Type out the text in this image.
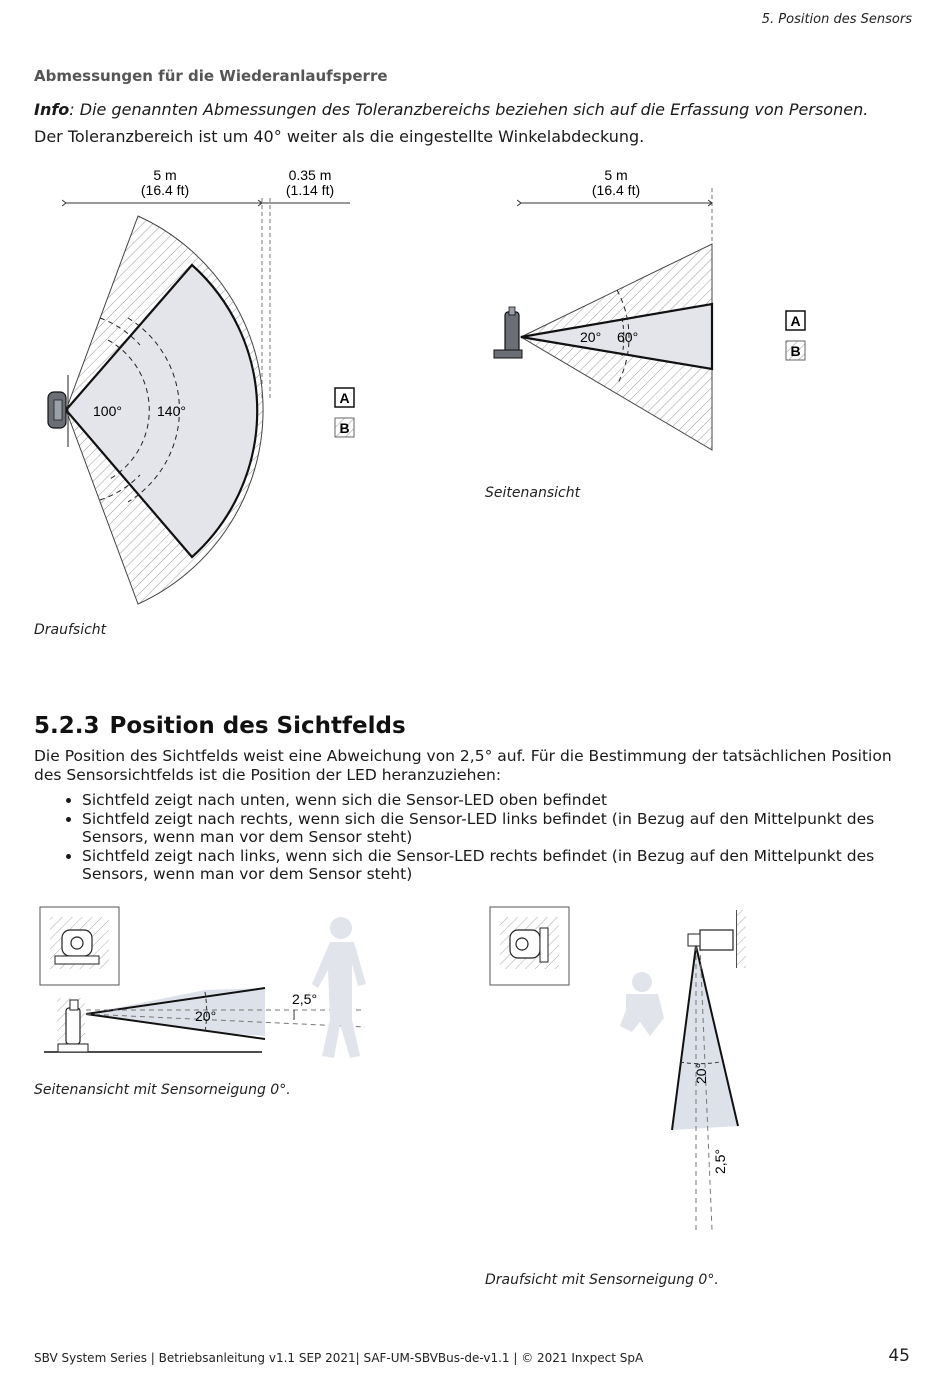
5. Position des Sensors
Abmessungen für die Wiederanlaufsperre
Info: Die genannten Abmessungen des Toleranzbereichs beziehen sich auf die Erfassung von Personen.
Der Toleranzbereich ist um 40° weiter als die eingestellte Winkelabdeckung.
5 m
(16.4 ft)
0.35 m
(1.14 ft)
100°	140°
A
B
5 m
(16.4 ft)
20° 60°
A
B
Seitenansicht
Draufsicht
5.2.3 Position des Sichtfelds
Die Position des Sichtfelds weist eine Abweichung von 2,5° auf. Für die Bestimmung der tatsächlichen Position des Sensorsichtfelds ist die Position der LED heranzuziehen:
• Sichtfeld zeigt nach unten, wenn sich die Sensor-LED oben befindet
• Sichtfeld zeigt nach rechts, wenn sich die Sensor-LED links befindet (in Bezug auf den Mittelpunkt des Sensors, wenn man vor dem Sensor steht)
• Sichtfeld zeigt nach links, wenn sich die Sensor-LED rechts befindet (in Bezug auf den Mittelpunkt des Sensors, wenn man vor dem Sensor steht)
20°
2,5°
20°
2,5°
Seitenansicht mit Sensorneigung 0°.
Draufsicht mit Sensorneigung 0°.
SBV System Series | Betriebsanleitung v1.1 SEP 2021| SAF-UM-SBVBus-de-v1.1 | © 2021 Inxpect SpA	45
